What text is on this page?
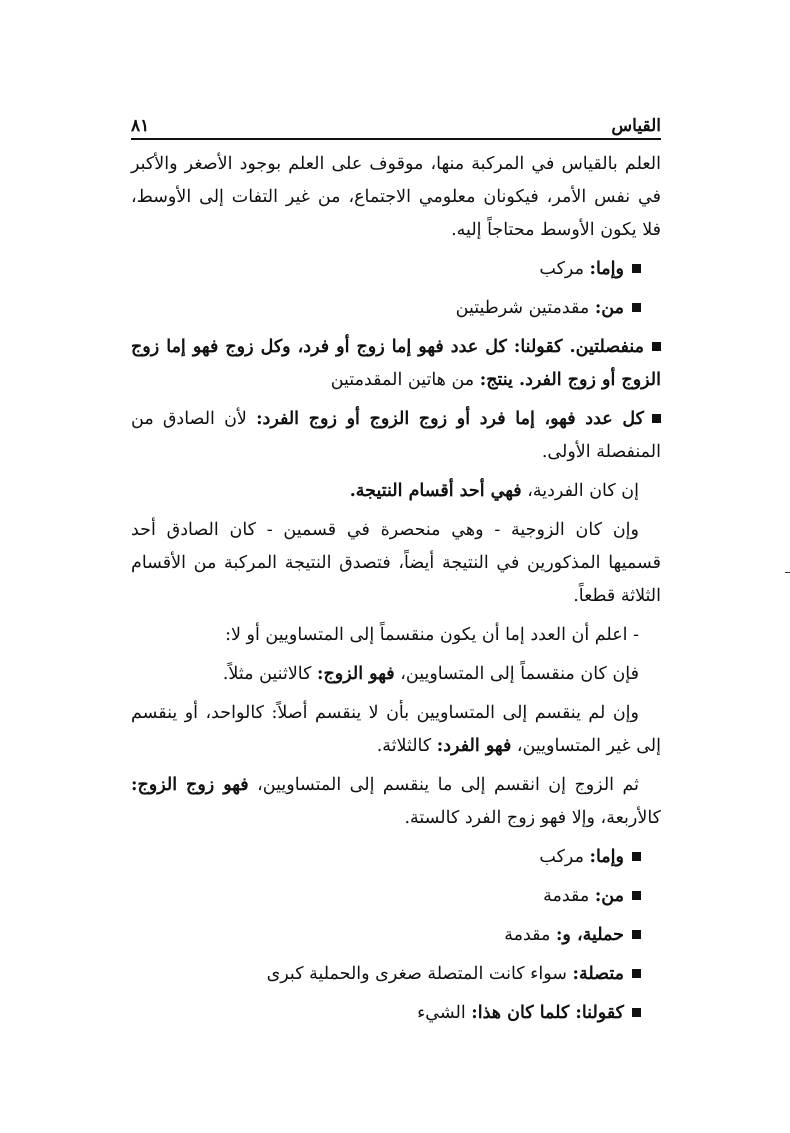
القياس
٨١

العلم بالقياس في المركبة منها، موقوف على العلم بوجود الأصغر والأكبر في نفس الأمر، فيكونان معلومي الاجتماع، من غير التفات إلى الأوسط، فلا يكون الأوسط محتاجاً إليه.

وإما: مركب

من: مقدمتين شرطيتين

منفصلتين. كقولنا: كل عدد فهو إما زوج أو فرد، وكل زوج فهو إما زوج الزوج أو زوج الفرد. ينتج: من هاتين المقدمتين

كل عدد فهو، إما فرد أو زوج الزوج أو زوج الفرد: لأن الصادق من المنفصلة الأولى.

إن كان الفردية، فهي أحد أقسام النتيجة.

وإن كان الزوجية - وهي منحصرة في قسمين - كان الصادق أحد قسميها المذكورين في النتيجة أيضاً، فتصدق النتيجة المركبة من الأقسام الثلاثة قطعاً.

- اعلم أن العدد إما أن يكون منقسماً إلى المتساويين أو لا:

فإن كان منقسماً إلى المتساويين، فهو الزوج: كالاثنين مثلاً.

وإن لم ينقسم إلى المتساويين بأن لا ينقسم أصلاً: كالواحد، أو ينقسم إلى غير المتساويين، فهو الفرد: كالثلاثة.

ثم الزوج إن انقسم إلى ما ينقسم إلى المتساويين، فهو زوج الزوج: كالأربعة، وإلا فهو زوج الفرد كالستة.

وإما: مركب

من: مقدمة

حملية، و: مقدمة

متصلة: سواء كانت المتصلة صغرى والحملية كبرى

كقولنا: كلما كان هذا: الشيء
